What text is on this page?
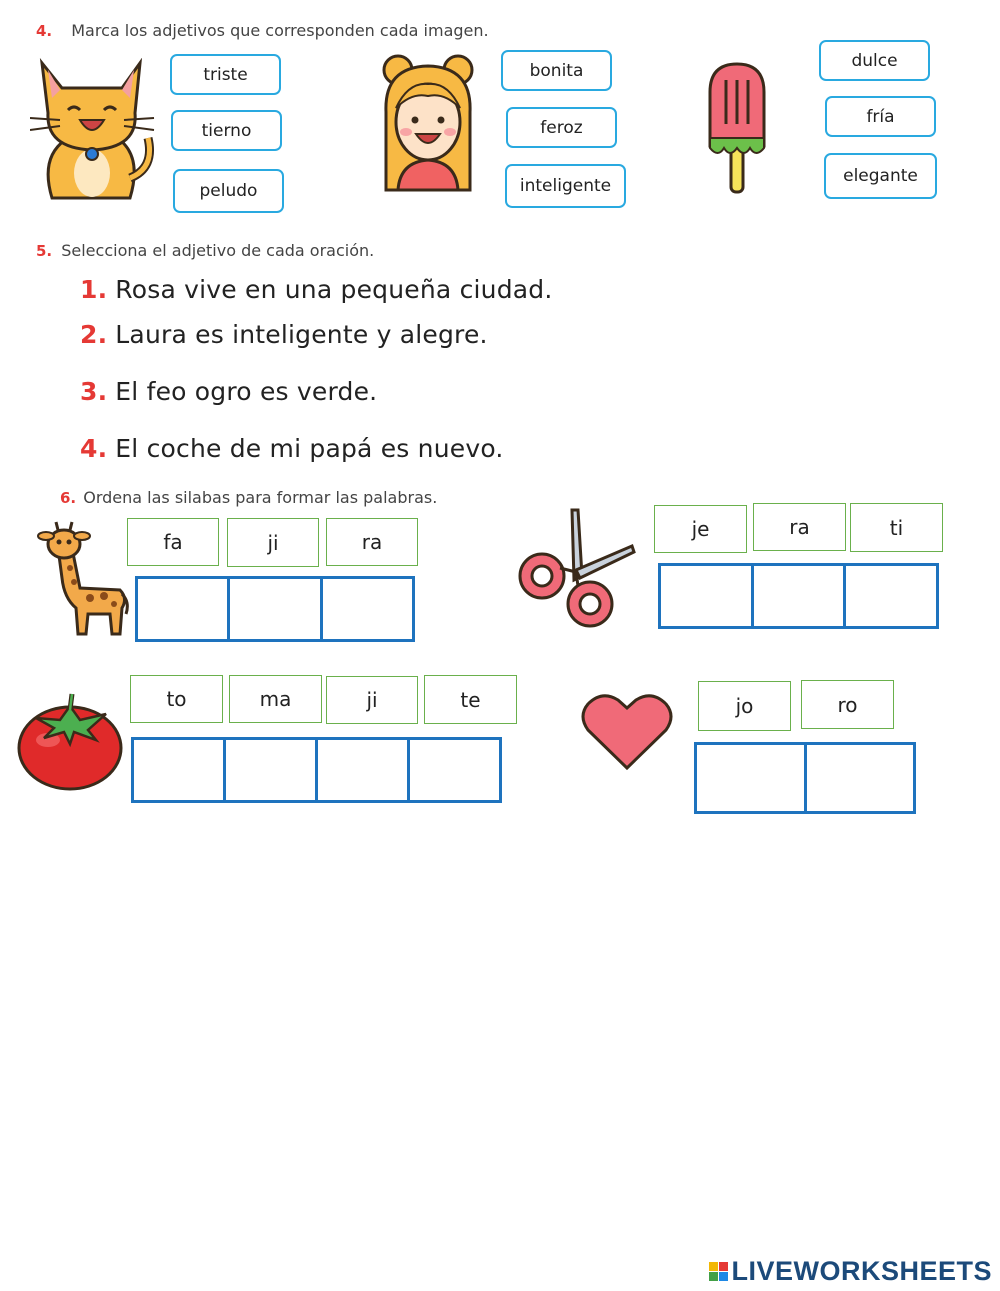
4. Marca los adjetivos que corresponden cada imagen.
triste
tierno
peludo
bonita
feroz
inteligente
dulce
fría
elegante
5. Selecciona el adjetivo de cada oración.
1. Rosa vive en una pequeña ciudad.
2. Laura es inteligente y alegre.
3. El feo ogro es verde.
4. El coche de mi papá es nuevo.
6. Ordena las silabas para formar las palabras.
fa	ji	ra
je	ra	ti
to	ma	ji	te	jo	ro
LIVEWORKSHEETS
